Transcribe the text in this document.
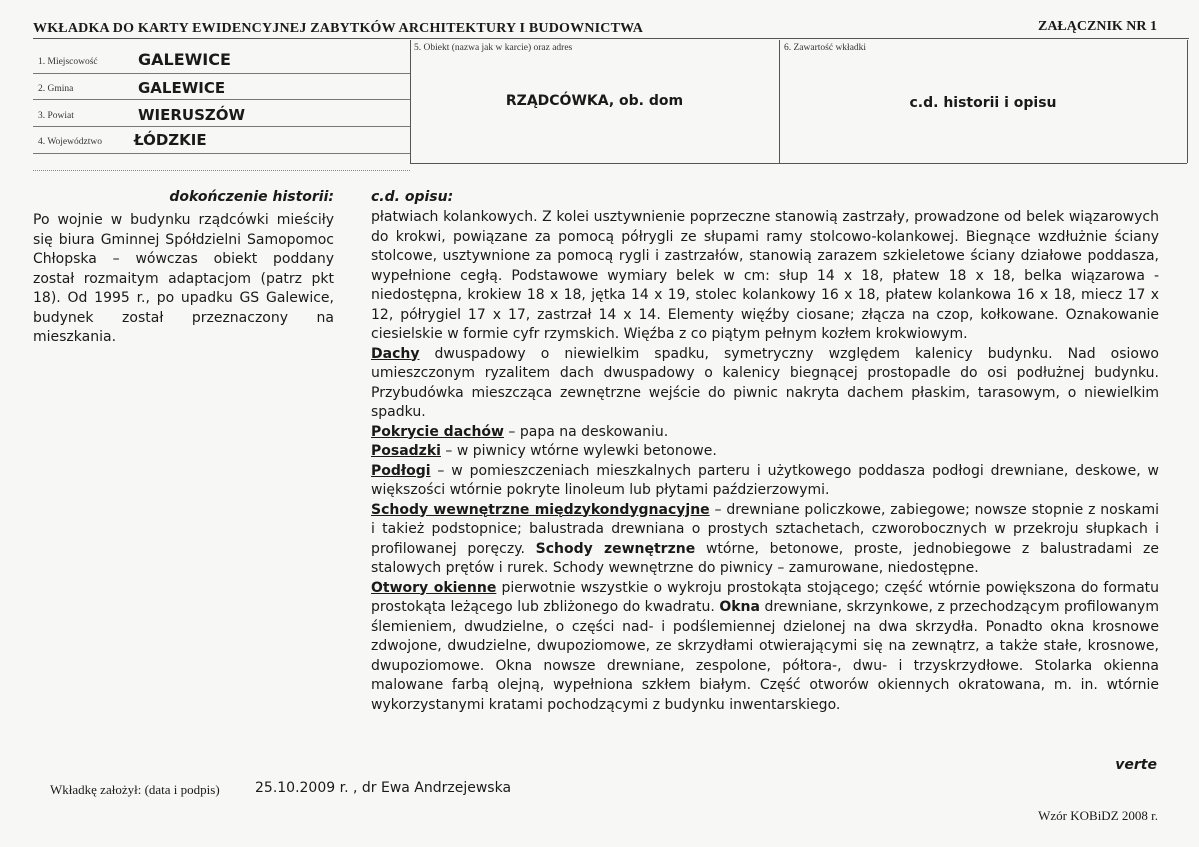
WKŁADKA DO KARTY EWIDENCYJNEJ ZABYTKÓW ARCHITEKTURY I BUDOWNICTWA	ZAŁĄCZNIK NR 1
1. Miejscowość	GALEWICE
2. Gmina	GALEWICE
3. Powiat	WIERUSZÓW
4. Województwo ŁÓDZKIE
5. Obiekt (nazwa jak w karcie) oraz adres
RZĄDCÓWKA, ob. dom
6. Zawartość wkładki
c.d. historii i opisu
dokończenie historii:
Po wojnie w budynku rządcówki mieściły się biura Gminnej Spółdzielni Samopomoc Chłopska – wówczas obiekt poddany został rozmaitym adaptacjom (patrz pkt 18). Od 1995 r., po upadku GS Galewice, budynek został przeznaczony na mieszkania.
c.d. opisu:

płatwiach kolankowych. Z kolei usztywnienie poprzeczne stanowią zastrzały, prowadzone od belek wiązarowych do krokwi, powiązane za pomocą półrygli ze słupami ramy stolcowo-kolankowej. Biegnące wzdłużnie ściany stolcowe, usztywnione za pomocą rygli i zastrzałów, stanowią zarazem szkieletowe ściany działowe poddasza, wypełnione cegłą. Podstawowe wymiary belek w cm: słup 14 x 18, płatew 18 x 18, belka wiązarowa - niedostępna, krokiew 18 x 18, jętka 14 x 19, stolec kolankowy 16 x 18, płatew kolankowa 16 x 18, miecz 17 x 12, półrygiel 17 x 17, zastrzał 14 x 14. Elementy więźby ciosane; złącza na czop, kołkowane. Oznakowanie ciesielskie w formie cyfr rzymskich. Więźba z co piątym pełnym kozłem krokwiowym.

Dachy dwuspadowy o niewielkim spadku, symetryczny względem kalenicy budynku. Nad osiowo umieszczonym ryzalitem dach dwuspadowy o kalenicy biegnącej prostopadle do osi podłużnej budynku. Przybudówka mieszcząca zewnętrzne wejście do piwnic nakryta dachem płaskim, tarasowym, o niewielkim spadku.

Pokrycie dachów – papa na deskowaniu.

Posadzki – w piwnicy wtórne wylewki betonowe.

Podłogi – w pomieszczeniach mieszkalnych parteru i użytkowego poddasza podłogi drewniane, deskowe, w większości wtórnie pokryte linoleum lub płytami paździerzowymi.

Schody wewnętrzne międzykondygnacyjne – drewniane policzkowe, zabiegowe; nowsze stopnie z noskami i takież podstopnice; balustrada drewniana o prostych sztachetach, czworobocznych w przekroju słupkach i profilowanej poręczy. Schody zewnętrzne wtórne, betonowe, proste, jednobiegowe z balustradami ze stalowych prętów i rurek. Schody wewnętrzne do piwnicy – zamurowane, niedostępne.

Otwory okienne pierwotnie wszystkie o wykroju prostokąta stojącego; część wtórnie powiększona do formatu prostokąta leżącego lub zbliżonego do kwadratu. Okna drewniane, skrzynkowe, z przechodzącym profilowanym ślemieniem, dwudzielne, o części nad- i podślemiennej dzielonej na dwa skrzydła. Ponadto okna krosnowe zdwojone, dwudzielne, dwupoziomowe, ze skrzydłami otwierającymi się na zewnątrz, a także stałe, krosnowe, dwupoziomowe. Okna nowsze drewniane, zespolone, półtora-, dwu- i trzyskrzydłowe. Stolarka okienna malowane farbą olejną, wypełniona szkłem białym. Część otworów okiennych okratowana, m. in. wtórnie wykorzystanymi kratami pochodzącymi z budynku inwentarskiego.

verte
Wkładkę założył: (data i podpis)	25.10.2009 r. , dr Ewa Andrzejewska
Wzór KOBiDZ 2008 r.
